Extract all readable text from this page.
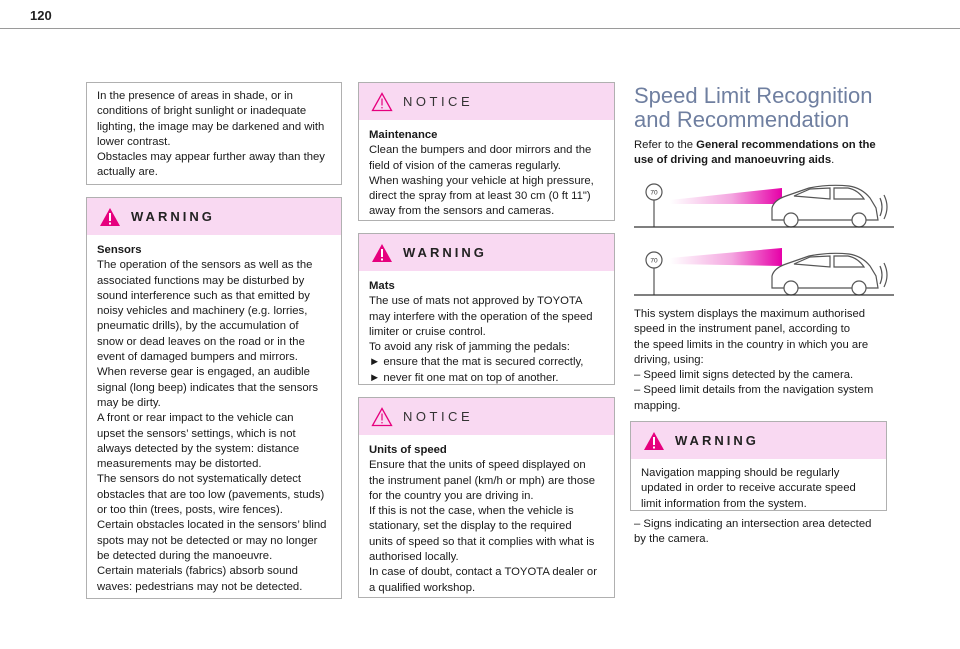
120
In the presence of areas in shade, or in
conditions of bright sunlight or inadequate
lighting, the image may be darkened and with
lower contrast.
Obstacles may appear further away than they
actually are.
WARNING
Sensors
The operation of the sensors as well as the
associated functions may be disturbed by
sound interference such as that emitted by
noisy vehicles and machinery (e.g. lorries,
pneumatic drills), by the accumulation of
snow or dead leaves on the road or in the
event of damaged bumpers and mirrors.
When reverse gear is engaged, an audible
signal (long beep) indicates that the sensors
may be dirty.
A front or rear impact to the vehicle can
upset the sensors’ settings, which is not
always detected by the system: distance
measurements may be distorted.
The sensors do not systematically detect
obstacles that are too low (pavements, studs)
or too thin (trees, posts, wire fences).
Certain obstacles located in the sensors’ blind
spots may not be detected or may no longer
be detected during the manoeuvre.
Certain materials (fabrics) absorb sound
waves: pedestrians may not be detected.
NOTICE
Maintenance
Clean the bumpers and door mirrors and the
field of vision of the cameras regularly.
When washing your vehicle at high pressure,
direct the spray from at least 30 cm (0 ft 11")
away from the sensors and cameras.
WARNING
Mats
The use of mats not approved by TOYOTA
may interfere with the operation of the speed
limiter or cruise control.
To avoid any risk of jamming the pedals:
► ensure that the mat is secured correctly,
► never fit one mat on top of another.
NOTICE
Units of speed
Ensure that the units of speed displayed on
the instrument panel (km/h or mph) are those
for the country you are driving in.
If this is not the case, when the vehicle is
stationary, set the display to the required
units of speed so that it complies with what is
authorised locally.
In case of doubt, contact a TOYOTA dealer or
a qualified workshop.
Speed Limit Recognition
and Recommendation
Refer to the General recommendations on the
use of driving and manoeuvring aids.
70
70
This system displays the maximum authorised
speed in the instrument panel, according to
the speed limits in the country in which you are
driving, using:
– Speed limit signs detected by the camera.
– Speed limit details from the navigation system
mapping.
WARNING
Navigation mapping should be regularly
updated in order to receive accurate speed
limit information from the system.
– Signs indicating an intersection area detected
by the camera.
